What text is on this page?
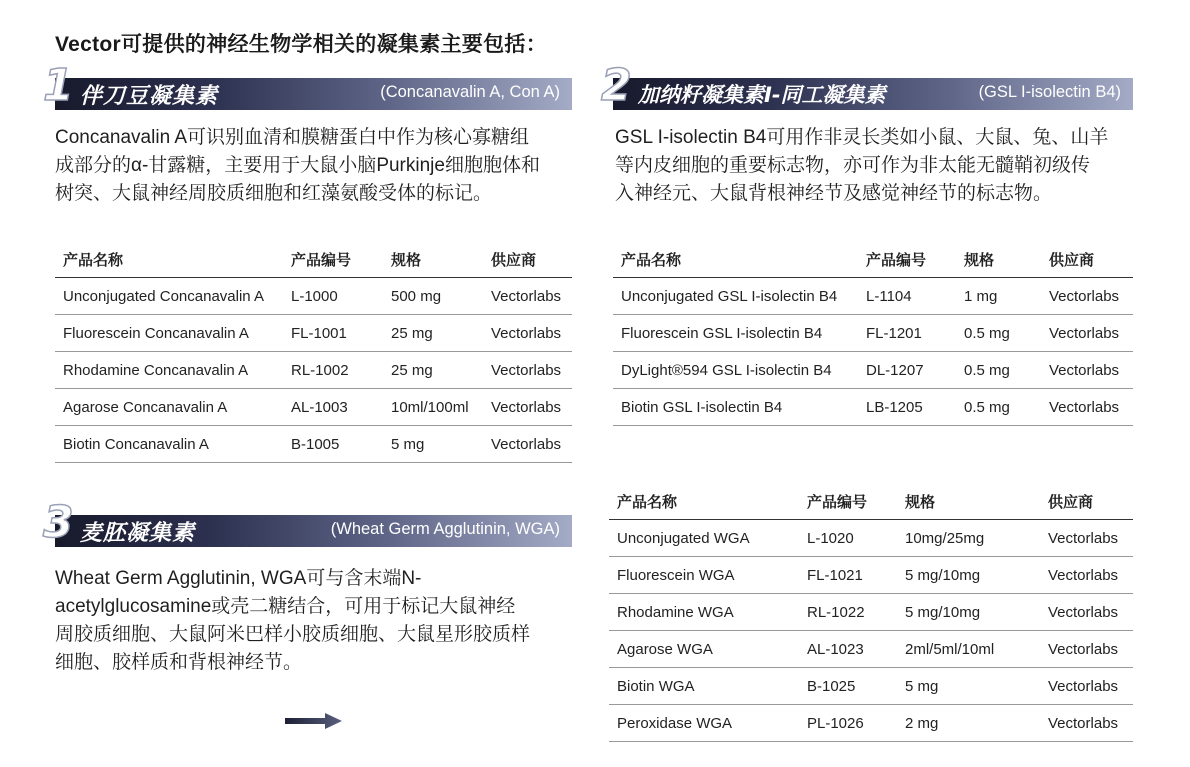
Vector可提供的神经生物学相关的凝集素主要包括：
1 伴刀豆凝集素	(Concanavalin A, Con A)
Concanavalin A可识别血清和膜糖蛋白中作为核心寡糖组
成部分的α-甘露糖，主要用于大鼠小脑Purkinje细胞胞体和
树突、大鼠神经周胶质细胞和红藻氨酸受体的标记。
2 加纳籽凝集素I-同工凝集素	(GSL I-isolectin B4)
GSL I-isolectin B4可用作非灵长类如小鼠、大鼠、兔、山羊
等内皮细胞的重要标志物，亦可作为非太能无髓鞘初级传
入神经元、大鼠背根神经节及感觉神经节的标志物。
3 麦胚凝集素	(Wheat Germ Agglutinin, WGA)
Wheat Germ Agglutinin, WGA可与含末端N-
acetylglucosamine或壳二糖结合，可用于标记大鼠神经
周胶质细胞、大鼠阿米巴样小胶质细胞、大鼠星形胶质样
细胞、胶样质和背根神经节。
产品名称	产品编号	规格	供应商
Unconjugated Concanavalin A	L-1000	500 mg	Vectorlabs
Fluorescein Concanavalin A	FL-1001	25 mg	Vectorlabs
Rhodamine Concanavalin A	RL-1002	25 mg	Vectorlabs
Agarose Concanavalin A	AL-1003	10ml/100ml	Vectorlabs
Biotin Concanavalin A	B-1005	5 mg	Vectorlabs
产品名称	产品编号	规格	供应商
Unconjugated GSL I-isolectin B4	L-1104	1 mg	Vectorlabs
Fluorescein GSL I-isolectin B4	FL-1201	0.5 mg	Vectorlabs
DyLight®594 GSL I-isolectin B4	DL-1207	0.5 mg	Vectorlabs
Biotin GSL I-isolectin B4	LB-1205	0.5 mg	Vectorlabs
产品名称	产品编号	规格	供应商
Unconjugated WGA	L-1020	10mg/25mg	Vectorlabs
Fluorescein WGA	FL-1021	5 mg/10mg	Vectorlabs
Rhodamine WGA	RL-1022	5 mg/10mg	Vectorlabs
Agarose WGA	AL-1023	2ml/5ml/10ml	Vectorlabs
Biotin WGA	B-1025	5 mg	Vectorlabs
Peroxidase WGA	PL-1026	2 mg	Vectorlabs
